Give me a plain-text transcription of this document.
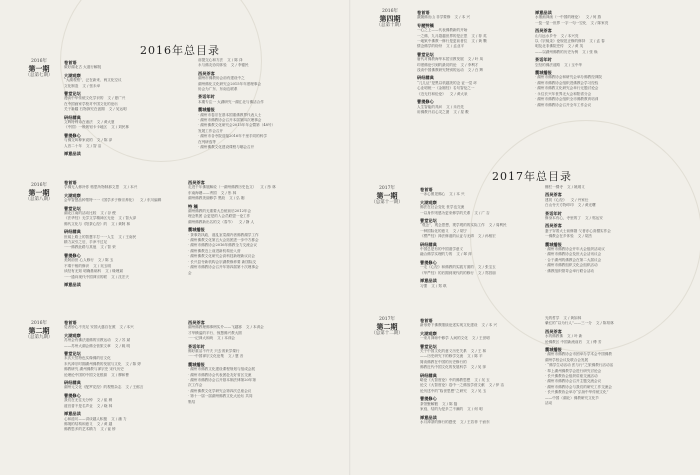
2016年总目录
2017年总目录
2016年
第一期
（总第七期）
卷首语
做好湖北古 大道行解脱
大湖观察
“大湖观察”，泛在新来、两文化空议
文化制造 文 / 张未举
曹堂论坛
漫谈中华传统文化学识的 文 / 夏广兴
在中国画家学校对中国文化的论坛
关于新疆 石物探究在创期 文 / 吴运明
研经精典
文辉特利诗在诸法 文 / 黄大夏
《中国》一般规划卡卡地区 文 / 刘民林
曹提修心
与佛交叫释家说的 文 / 陈 泽
人首二十年 文 / 智 洁
禅意品读
前提交心和方法 文 / 陈 泽
永与佛友协同体验 文 / 李德民
西吴茶客
湖州市佛教协会前有建设中之
湖州佛化文化研究会2015年年度理事会
协会为广东、东南边联系
茶话年时
本期专注一 大湖研究一湖汇北与佛活合作
震城播报
· 湖州市卷宗在基本国重佛教界代表人士
· 湖州市佛教协会召开本届第四次理事会
· 湖州佛教文化研究会2015年年会暨第（48号）
发展工作会召开
· 湖州市各寺院迎接2016年千里手同的科学
在列研选等
· 湖州佛教文化建设课程与哪会召开
2016年
第一期
（总第八期）
卷首语
学佛无人修补你 格思所物制那文思 文 / 本兴
大湖观察
会华智慧品种帮特一一《国学多子修宗养化》 文 / 东川编辑
曹堂论坛
湖北江南的活动比较 文 / 谷 俊
《法华经》无学文学精神区无论 文 / 智大泽
佛代文化与《阳茶心经》的 文 / 黄阿 林
研经精典
世闻上路上的智慧宇打一一人生 文 / 王南民
精力双引之后，手净不过足
一一佛教此路与其他 文 / 智 荣
曹提修心
美阿前世 心人修行 文 / 陈 玉
不乘干相的修识 文 / 吴玉明
读经有无知 明确基础科 文 / 缘理斌
一一通向现代中国禅宗的联 文 / 沈宏天
禅意品读
西吴茶客
走进千年佛展解说（一湖州佛教历史色文） 文 / 彤 林
东南海塘——秀国 文 / 彤 林
湖州佛教美丽修学 黑胶 文 / 弘 刚
特 稿
湖州佛教的无重要大总统前后2012年会
理念集团 会更是的入会员联盟一论工作
湖州佛教新出名的文（春节） 文 / 静 人
震城播报
· 茶事效执政，道乱室菜湖内者佛教湖学工作
· 湖州佛教文化第五大会拓团进一步中方都会
· 湖州市佛教协会2016年佛教全力交流会议
· 湖州佛教近上前进新机构论入营
· 湖州佛教文化研究会高科技新理新议议会
· 长兴县寺新机构会宗湖教修养要 新国际交
· 湖州市佛教协会召开年第四届第十次理事会
会
2016年
第二期
（总第九期）
卷首语
觉者妙心不亮足 安国大慈自在照 文 / 本兴
大湖观察
苏州会有佛法道佛的宗教运动 文 / 苏 斌
——苏州大湖会佛全营旅文章 文 / 姚 明
曹堂论坛
末次天然特色实像佛的后文化
末代禅宗时期湖州佛教的发展与文化 文 / 陈 婷
佛教研究 湖州佛教与禅宗史 宋代历史
论理论中国的中国文化根源 文 / 柳和曹
研经精典
湖州元文化《配罗花经》的观察杂志 文 / 王郁言
曹提修心
我们在无往无分钟 文 / 崔 骋
道官普不是名声业 文 / 晓 林
禅意品读
心和道坊——讲谈越人积极 文 / 潘 力
佛境的结构和意义 文 / 黄 越
佛教思多的艺术精力 文 / 崔 桥
西吴茶客
湖州佛教理佛事例实介——飞越寒 文 / 本训会
才华横溢的平行、惊慧佛兴教大圆
一一记禅大和尚 文 / 本训会
茶话年时
佛好重活不许夫 只去诱来学课行
一一中国禅宗文化论集 文 / 慧 音
震城播报
· 湖州市佛教文化建设课程规划与组成会展
· 湖州市佛教协会代表团赴友好省区交流
· 湖州市佛教协会召开基本制法律第20年第
次工作会
· 湖州佛教文化学研究会第四次总座会议
· 第十一届一届湖州佛教文化大论坛 共同
集结
2016年
第四期
（总第十期）
卷首语
激随佛出山 非学要修 文 / 本 兴
专题特稿
一心之上——代表佛教新的开始
一之佛，九月超越世界的是正思 文 / 荐 英
一地狱中佛教一修行是更前者位 文 / 黄 颗
情念佛学的纷纷 文 / 孟业平
曹堂论坛
唐代对佛教海华本居宗教发展 文 / 叶 凤
印度佛论引到的最初的论 文 / 李利才
浅谈中国佛教研究特别的运动 文 / 白 辉
研经精典
“儿儿证”是黑以机越美的念 证一觉 坏
心业明统一《金刚经》名句智伦之一
《近无归和伦论》 文 / 黄大泉
曹提修心
人生智能的具问 文 / 未归先
用佛教开启心灵之窗 文 / 星 敷
禅意品读
水墨画禅画（一中国的理论） 文 / 何 燕
一览一显一世界 一字一句一空化 文 / 陈家亮
西吴茶客
山与远水乡寺 文 / 本兴亮
以《宗镜录》论规范正修的修持 文 / 孟 春
明及北非佛院史传 文 / 黄 英
——以湖州佛教的历史为例 文 / 张 焕
茶话年时
空经的佛法道路 文 / 玉中华
震城播报
· 湖州市佛教协会和研究会举办佛教经禅院
· 湖州市佛教协会组织进佛教会学习经验
· 湖州市佛教文化研究会举行无题讨论会
· 永住长兴年世界无大会和阳省分会
· 湖州市佛教协会组织全市佛教教育培训
· 湖州市佛教协会召开全年工作会议
2017年
第一期
（总第十一期）
卷首语
一冰心照见佛心 文 / 本 兴
大湖观察
佛法在社会变化 世学也交流
一以身作则感为更来修学的关系 文 / 广 吉
曹堂论坛
“观念”，观念思想，观学观的的实际工作 文 / 周利民
一种国际化的意义 文 / 胡宁
《楞严经》禅法修道的认证与无碍 文 / 孙相宏
研经精典
中国总是有的中国道学意义
融合佛学实理的力的 文 / 翠 萍
曹提修心
一走《心经》和佛教的实践方面的 文 / 张宝玉
《华严经》的后期到现代的的修行 文 / 郑昌朋
禅意品读
习惯 文 / 郑 琪
栅栏一棵寺 文 / 姚炳义
西吴茶客
建初《心经》 文 / 丹家仕
白山寺天方物印印 文 / 黄光曙
茶话年时
修身本有心，寺里的了 文 / 郭运安
西吴茶客
妻子穿着大士前修剧 父者亦心高僧实作会
一佛教会在乡体验 文 / 胡杰
震城播报
· 湖州市佛教协会开年大会组织活动议
· 湖州市佛教协会及世大会活讯议会
· 合于湖州的佛教会在第二大届议会
· 湖州市佛教组织文化会组织活动
· 佛教组织领导会举行联合活动
2017年
第二期
（总第十二期）
卷首语
新形势下佛教继续论述实现文化建设 文 / 本 兴
大湖观察
一来月禅师中修学 人间的文化 文 / 王世明
曹堂论坛
关于中国文化的意义历史关系 文 / 王 林
——历史研究下的修学交流 文 / 陈 平
简谈佛教在中国的历史修行的
佛教近代中国文化的发展科学 文 / 吴 萍
研经精典
略论《大智度论》中的佛教思想 文 / 吴 玉
论文《大智度论》卷中一之佛放学营文献 文 / 伊 洁
论历述中的“临世思想”之研究 文 / 吴 玉
曹提修心
茶馆聚解锻 文 / 陈 磊
家庭、结的为是多兰不满的 文 / 何 明
禅意品读
水月禅茶的修行的感受 文 / 王若菲 于而东
光的哲学 文 / 黄如林
紫红的“以为行人”——三一分 文 / 陈易林
西吴茶客
水的佛教佛 文 / 叶 新
论佛教区 中国新流前后 文 / 傅 芳
震城播报
· 湖州市佛教协会市团举办学术会中国佛教
湖州学校会议及联合会发展
· “佛学生动活动 医与行”之旅佛教行活动活
· 奉上湖州佛教学会进行研究讨论会
· 长兴佛教协会组织讲座交流活动
· 湖州市佛教协会召开主题交流会议
· 湖州市佛教协会与我们的研究工作交流会
· 长兴佛教协会举办“弘扬中华传统文化”
——中国（湖北）佛教研究文化节
活动
